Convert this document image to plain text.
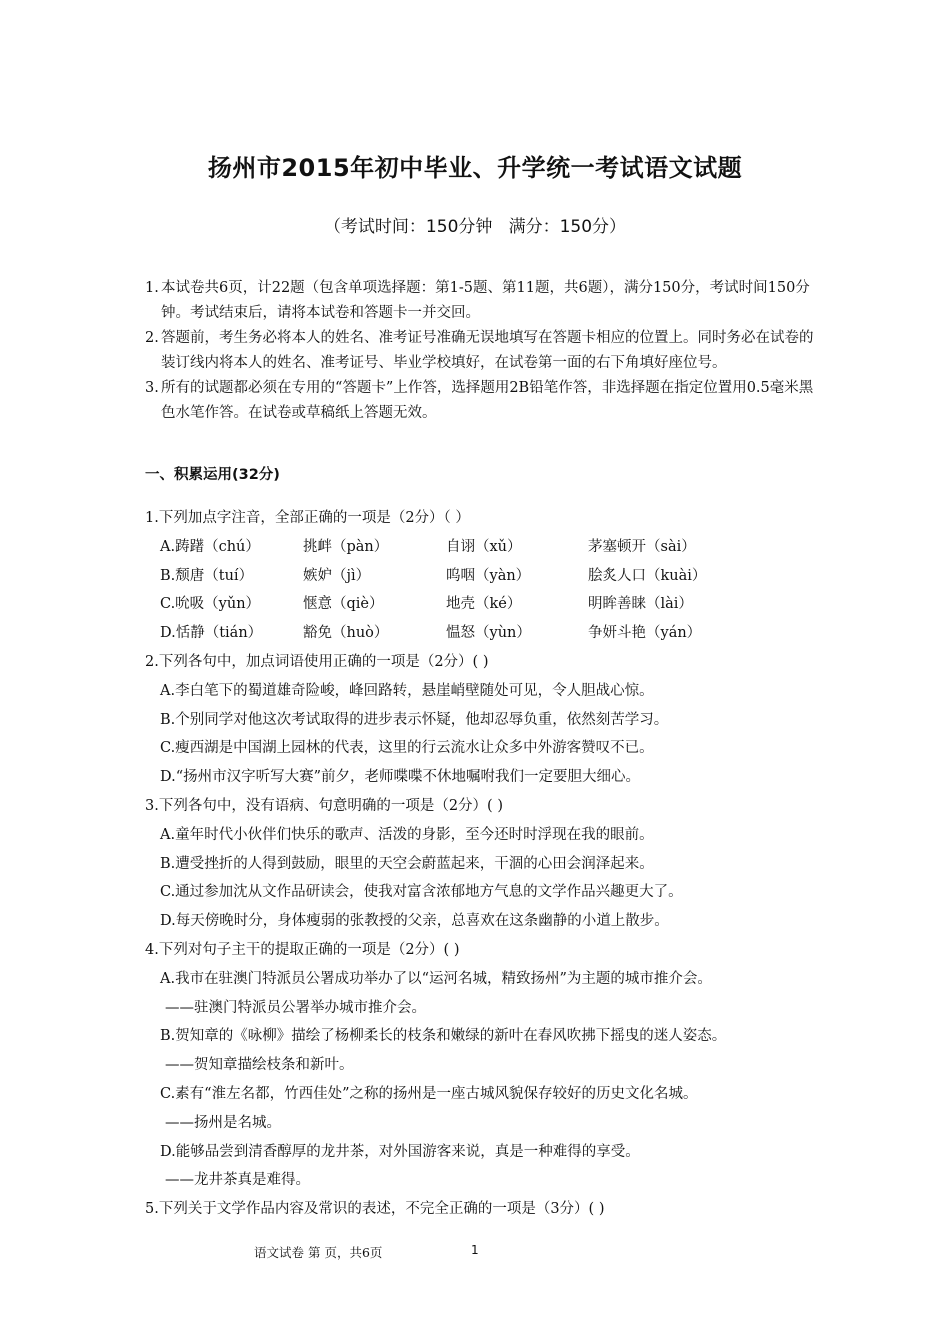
扬州市2015年初中毕业、升学统一考试语文试题
（考试时间：150分钟   满分：150分）
1. 本试卷共6页，计22题（包含单项选择题：第1-5题、第11题，共6题），满分150分，考试时间150分钟。考试结束后，请将本试卷和答题卡一并交回。
2. 答题前，考生务必将本人的姓名、准考证号准确无误地填写在答题卡相应的位置上。同时务必在试卷的装订线内将本人的姓名、准考证号、毕业学校填好，在试卷第一面的右下角填好座位号。
3. 所有的试题都必须在专用的“答题卡”上作答，选择题用2B铅笔作答，非选择题在指定位置用0.5毫米黑色水笔作答。在试卷或草稿纸上答题无效。
一、积累运用(32分)
1.下列加点字注音，全部正确的一项是（2分）（ ）
A.踌躇（chú）	挑衅（pàn）	自诩（xǔ）	茅塞顿开（sài）
B.颓唐（tuí）	嫉妒（jì）	呜咽（yàn）	脍炙人口（kuài）
C.吮吸（yǔn）	惬意（qiè）	地壳（ké）	明眸善睐（lài）
D.恬静（tián）	豁免（huò）	愠怒（yùn）	争妍斗艳（yán）
2.下列各句中，加点词语使用正确的一项是（2分）( )
A.李白笔下的蜀道雄奇险峻，峰回路转，悬崖峭壁随处可见，令人胆战心惊。
B.个别同学对他这次考试取得的进步表示怀疑，他却忍辱负重，依然刻苦学习。
C.瘦西湖是中国湖上园林的代表，这里的行云流水让众多中外游客赞叹不已。
D.“扬州市汉字听写大赛”前夕，老师喋喋不休地嘱咐我们一定要胆大细心。
3.下列各句中，没有语病、句意明确的一项是（2分）( )
A.童年时代小伙伴们快乐的歌声、活泼的身影，至今还时时浮现在我的眼前。
B.遭受挫折的人得到鼓励，眼里的天空会蔚蓝起来，干涸的心田会润泽起来。
C.通过参加沈从文作品研读会，使我对富含浓郁地方气息的文学作品兴趣更大了。
D.每天傍晚时分，身体瘦弱的张教授的父亲，总喜欢在这条幽静的小道上散步。
4.下列对句子主干的提取正确的一项是（2分）( )
A.我市在驻澳门特派员公署成功举办了以“运河名城，精致扬州”为主题的城市推介会。
——驻澳门特派员公署举办城市推介会。
B.贺知章的《咏柳》描绘了杨柳柔长的枝条和嫩绿的新叶在春风吹拂下摇曳的迷人姿态。
——贺知章描绘枝条和新叶。
C.素有“淮左名都，竹西佳处”之称的扬州是一座古城风貌保存较好的历史文化名城。
——扬州是名城。
D.能够品尝到清香醇厚的龙井茶，对外国游客来说，真是一种难得的享受。
——龙井茶真是难得。
5.下列关于文学作品内容及常识的表述，不完全正确的一项是（3分）( )
语文试卷 第 页，共6页	1
